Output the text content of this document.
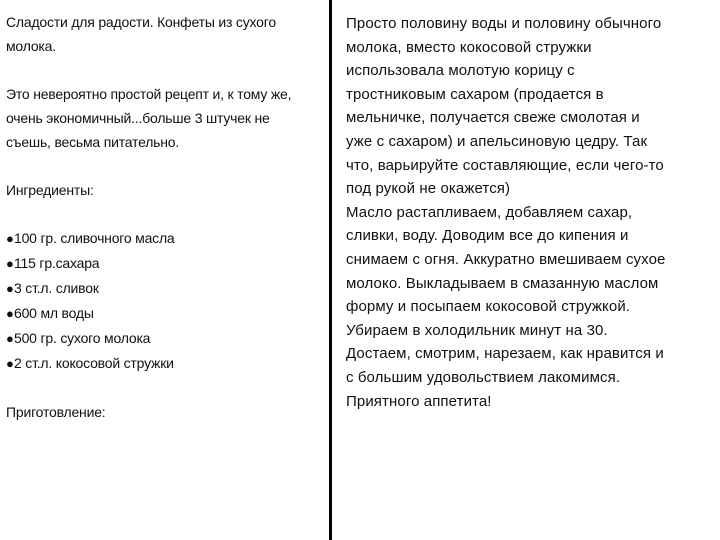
Сладости для радости. Конфеты из сухого

молока.

Это невероятно простой рецепт и, к тому же,

очень экономичный...больше 3 штучек не

съешь, весьма питательно.

Ингредиенты:

●100 гр. сливочного масла
●115 гр.сахара
●3 ст.л. сливок
●600 мл воды
●500 гр. сухого молока
●2 ст.л. кокосовой стружки

Приготовление:

Просто половину воды и половину обычного

молока, вместо кокосовой стружки

использовала молотую корицу с

тростниковым сахаром (продается в

мельничке, получается свеже смолотая и

уже с сахаром) и апельсиновую цедру. Так

что, варьируйте составляющие, если чего-то

под рукой не окажется)

Масло растапливаем, добавляем сахар,

сливки, воду. Доводим все до кипения и

снимаем с огня. Аккуратно вмешиваем сухое

молоко. Выкладываем в смазанную маслом

форму и посыпаем кокосовой стружкой.

Убираем в холодильник минут на 30.

Достаем, смотрим, нарезаем, как нравится и

с большим удовольствием лакомимся.

Приятного аппетита!
